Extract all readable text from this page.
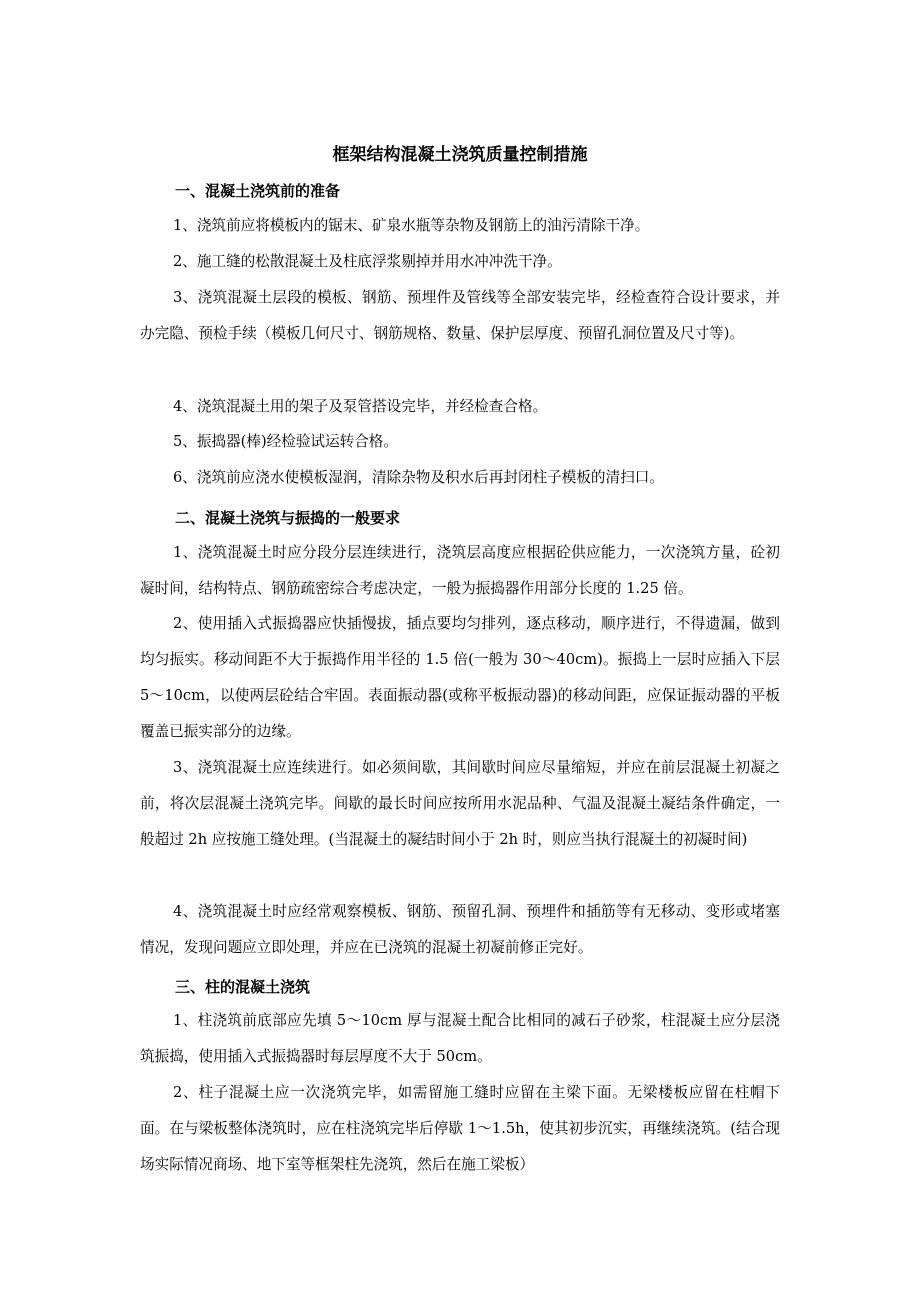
框架结构混凝土浇筑质量控制措施
一、混凝土浇筑前的准备

1、浇筑前应将模板内的锯末、矿泉水瓶等杂物及钢筋上的油污清除干净。

2、施工缝的松散混凝土及柱底浮浆剔掉并用水冲冲洗干净。

3、浇筑混凝土层段的模板、钢筋、预埋件及管线等全部安装完毕，经检查符合设计要求，并办完隐、预检手续（模板几何尺寸、钢筋规格、数量、保护层厚度、预留孔洞位置及尺寸等)。

4、浇筑混凝土用的架子及泵管搭设完毕，并经检查合格。

5、振捣器(棒)经检验试运转合格。

6、浇筑前应浇水使模板湿润，清除杂物及积水后再封闭柱子模板的清扫口。

二、混凝土浇筑与振捣的一般要求

1、浇筑混凝土时应分段分层连续进行，浇筑层高度应根据砼供应能力，一次浇筑方量，砼初凝时间，结构特点、钢筋疏密综合考虑决定，一般为振捣器作用部分长度的 1.25 倍。

2、使用插入式振捣器应快插慢拔，插点要均匀排列，逐点移动，顺序进行，不得遗漏，做到均匀振实。移动间距不大于振捣作用半径的 1.5 倍(一般为 30～40cm)。振捣上一层时应插入下层 5～10cm，以使两层砼结合牢固。表面振动器(或称平板振动器)的移动间距，应保证振动器的平板覆盖已振实部分的边缘。

3、浇筑混凝土应连续进行。如必须间歇，其间歇时间应尽量缩短，并应在前层混凝土初凝之前，将次层混凝土浇筑完毕。间歇的最长时间应按所用水泥品种、气温及混凝土凝结条件确定，一般超过 2h 应按施工缝处理。(当混凝土的凝结时间小于 2h 时，则应当执行混凝土的初凝时间)

4、浇筑混凝土时应经常观察模板、钢筋、预留孔洞、预埋件和插筋等有无移动、变形或堵塞情况，发现问题应立即处理，并应在已浇筑的混凝土初凝前修正完好。

三、柱的混凝土浇筑

1、柱浇筑前底部应先填 5～10cm 厚与混凝土配合比相同的减石子砂浆，柱混凝土应分层浇筑振捣，使用插入式振捣器时每层厚度不大于 50cm。

2、柱子混凝土应一次浇筑完毕，如需留施工缝时应留在主梁下面。无梁楼板应留在柱帽下面。在与梁板整体浇筑时，应在柱浇筑完毕后停歇 1～1.5h，使其初步沉实，再继续浇筑。(结合现场实际情况商场、地下室等框架柱先浇筑，然后在施工梁板）
